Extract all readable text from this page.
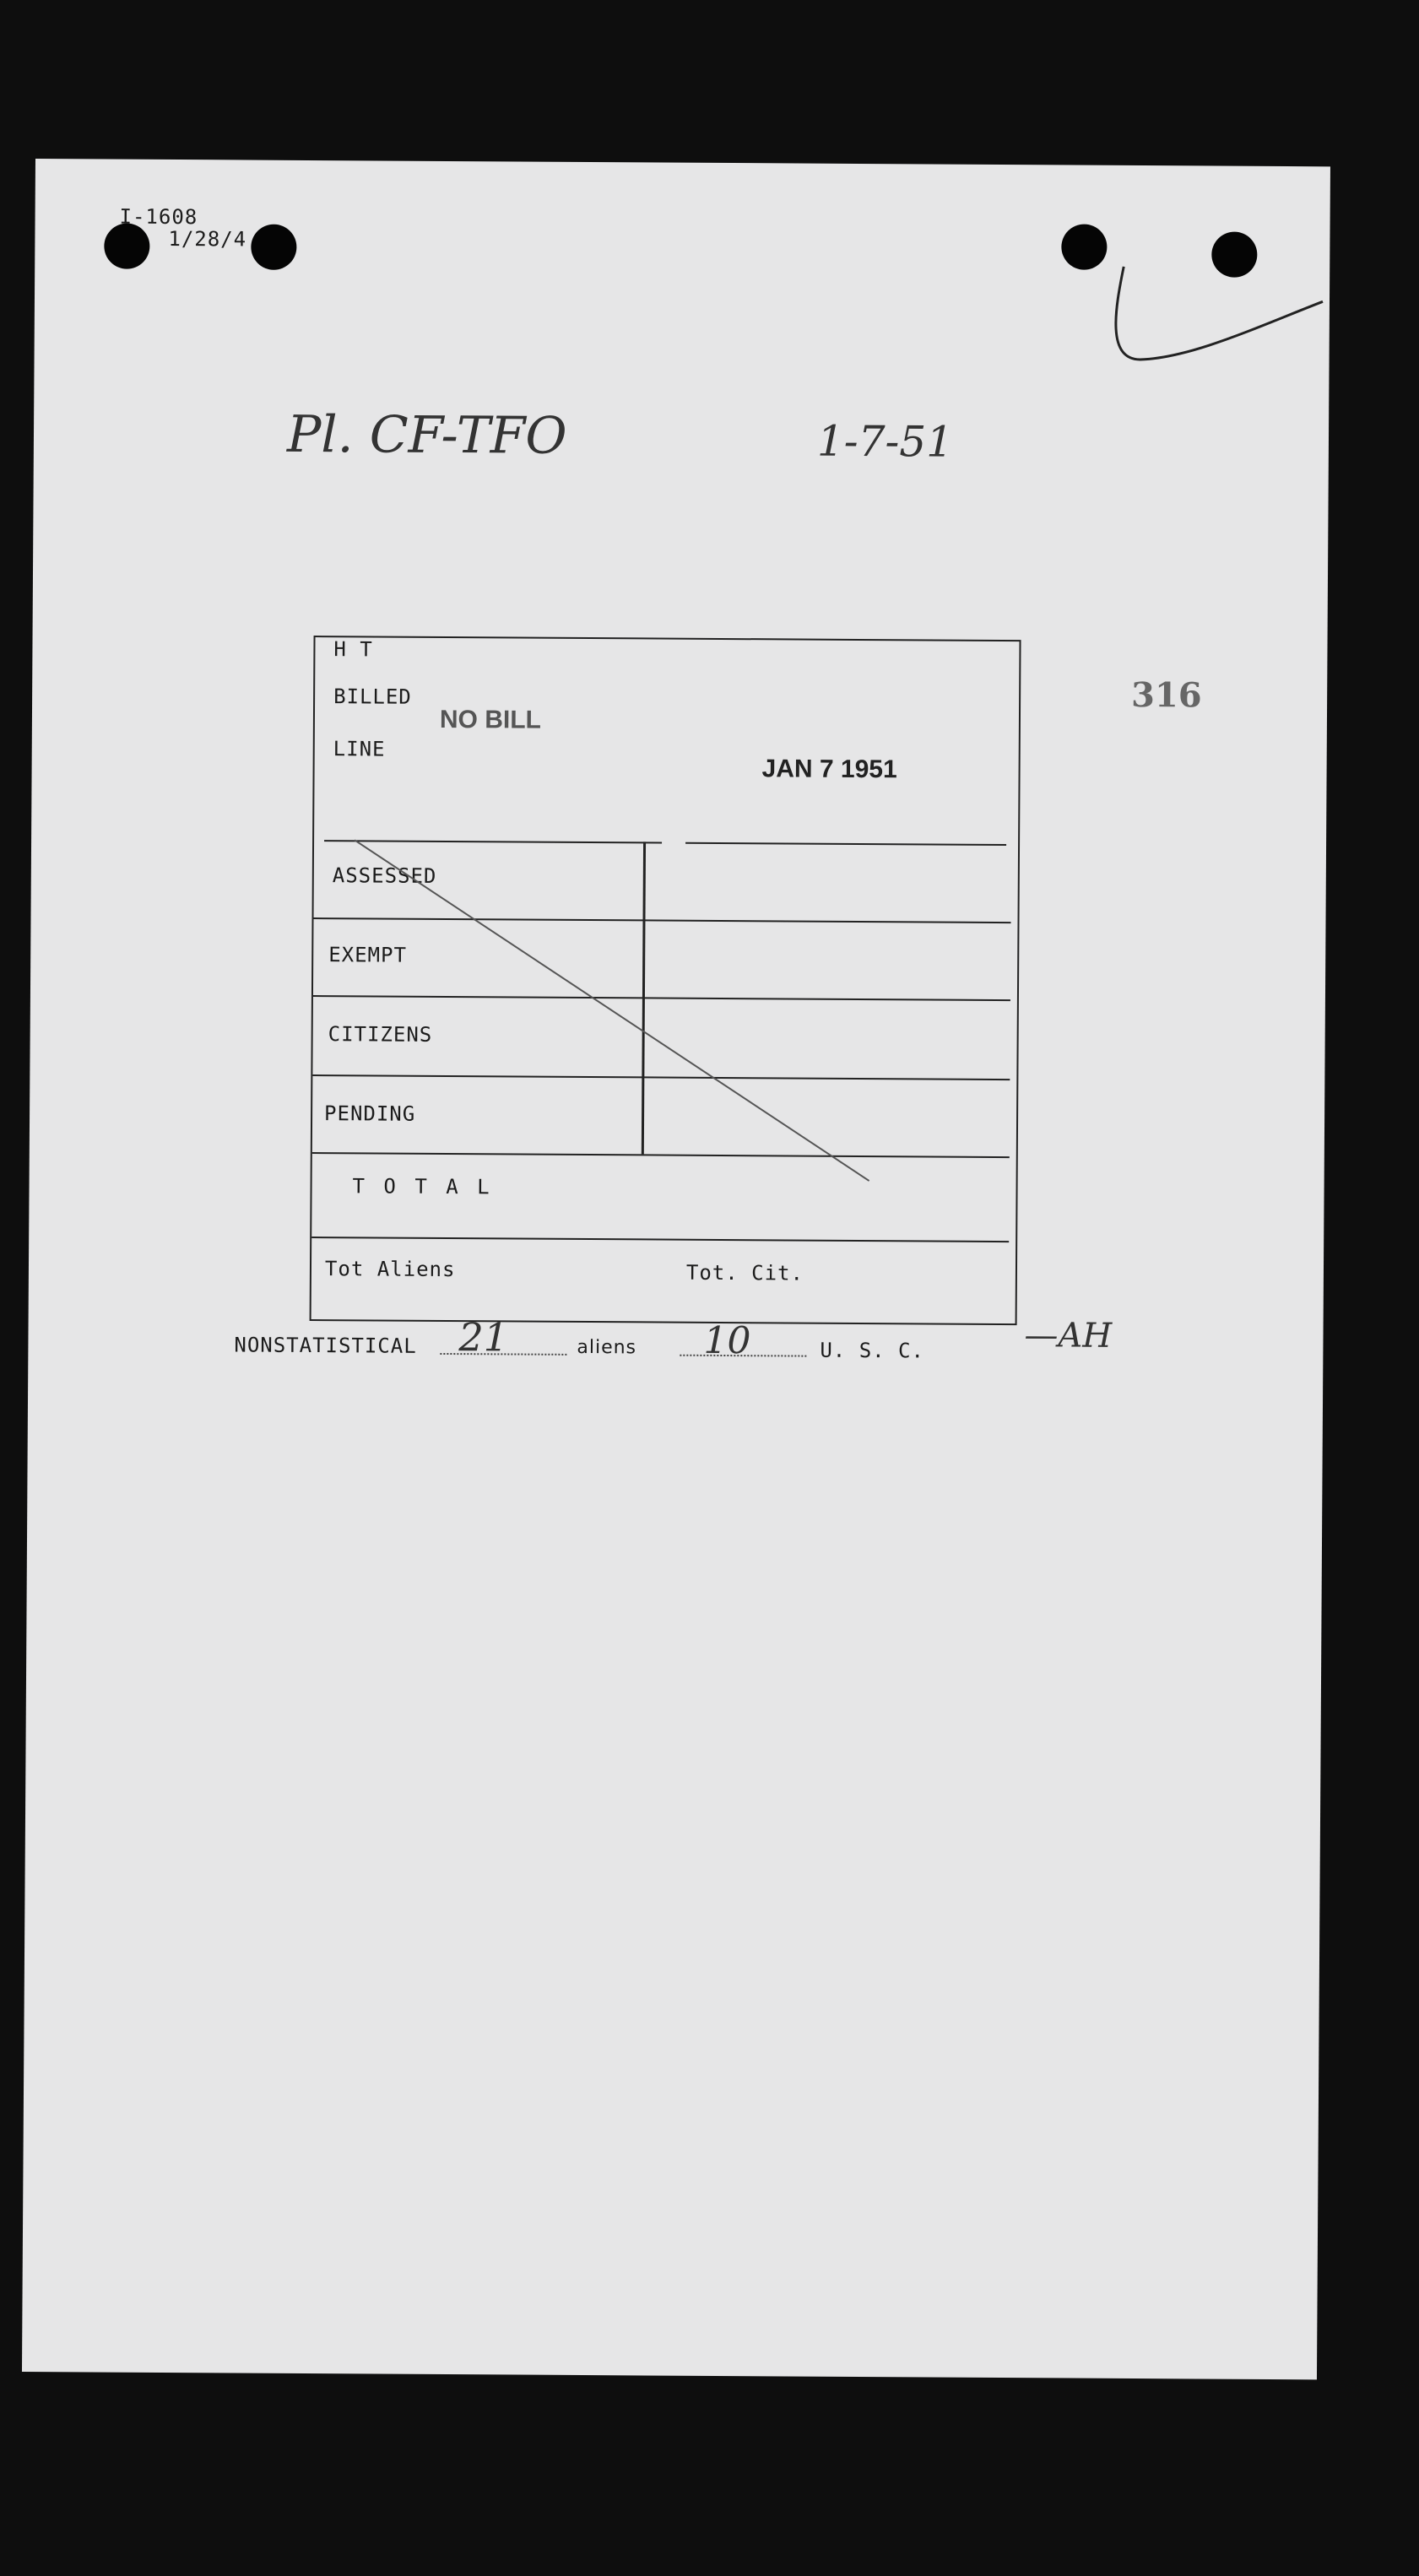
I-1608
1/28/4
Pl. CF-TFO	1-7-51
316
H T
BILLED
LINE
NO BILL
JAN 7 1951
ASSESSED
EXEMPT
CITIZENS
PENDING
T O T A L
Tot Aliens	Tot. Cit.
NONSTATISTICAL 21	aliens 10	U. S. C.	—AH
